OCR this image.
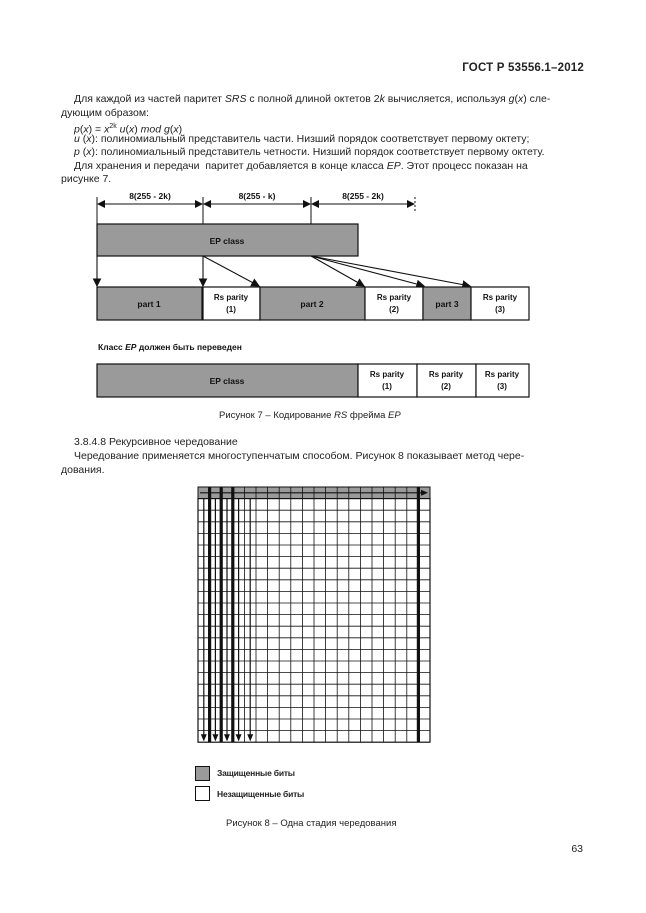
ГОСТ Р 53556.1–2012
Для каждой из частей паритет SRS с полной длиной октетов 2k вычисляется, используя g(x) сле-
дующим образом:
$p(x) = x^{2k}$ u(x) mod g(x)
u (x): полиномиальный представитель части. Низший порядок соответствует первому октету;
p (x): полиномиальный представитель четности. Низший порядок соответствует первому октету.
Для хранения и передачи  паритет добавляется в конце класса EP. Этот процесс показан на
рисунке 7.
8(255 - 2k)	8(255 - k)	8(255 - 2k)
EP class
part 1
Rs parity
(1)
part 2
Rs parity
(2)
part 3
Rs parity
(3)
Класс EP должен быть переведен
EP class
Rs parity
(1)
Rs parity
(2)
Rs parity
(3)
Рисунок 7 – Кодирование RS фрейма EP
3.8.4.8 Рекурсивное чередование
Чередование применяется многоступенчатым способом. Рисунок 8 показывает метод чере-
дования.
Защищенные биты
Незащищенные биты
Рисунок 8 – Одна стадия чередования
63
